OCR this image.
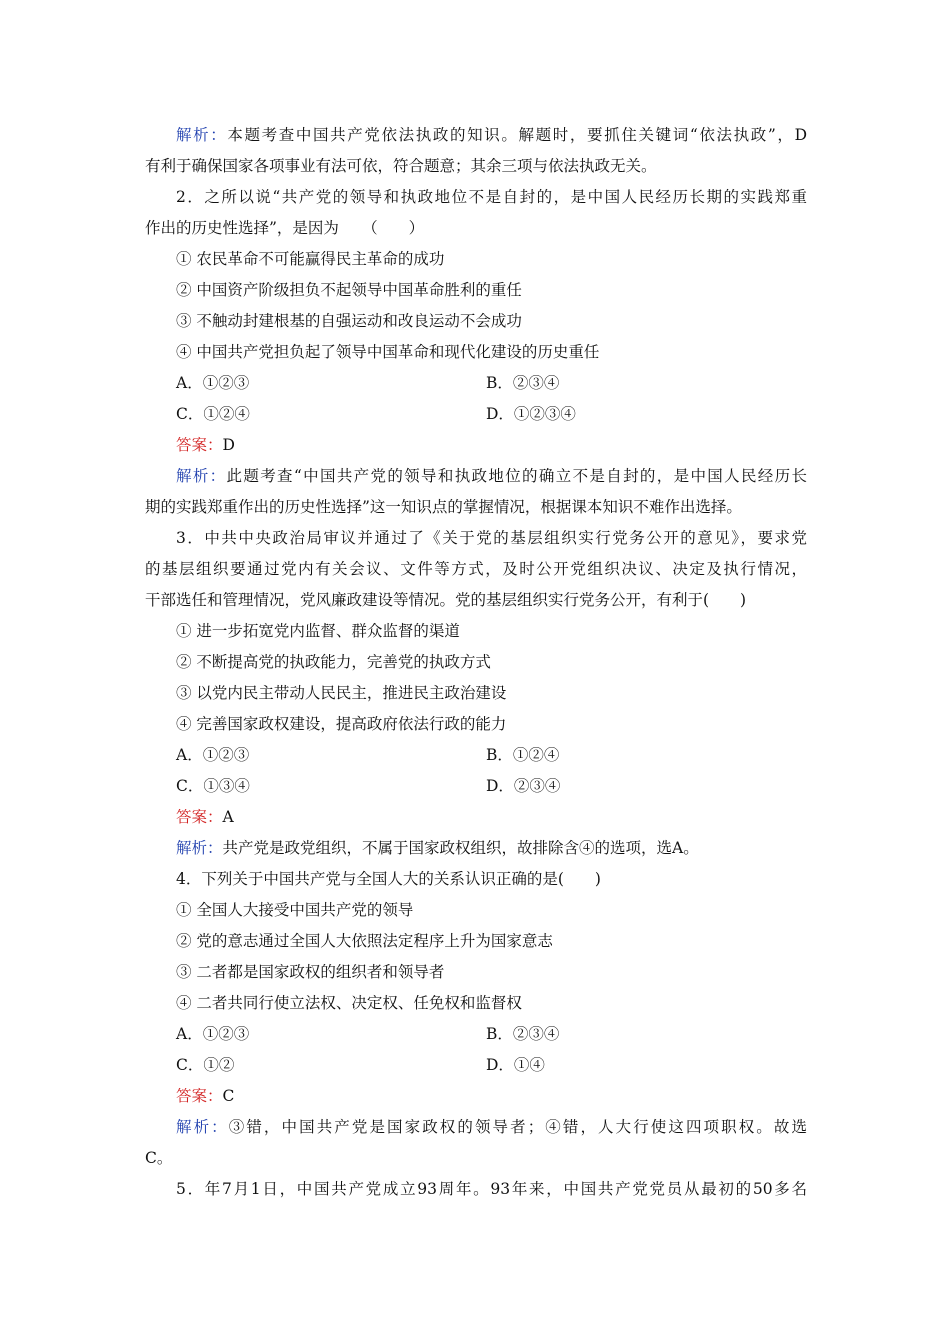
解析：本题考查中国共产党依法执政的知识。解题时，要抓住关键词“依法执政”，D
有利于确保国家各项事业有法可依，符合题意；其余三项与依法执政无关。
2．之所以说“共产党的领导和执政地位不是自封的，是中国人民经历长期的实践郑重
作出的历史性选择”，是因为　　（　　）
① 农民革命不可能赢得民主革命的成功
② 中国资产阶级担负不起领导中国革命胜利的重任
③ 不触动封建根基的自强运动和改良运动不会成功
④ 中国共产党担负起了领导中国革命和现代化建设的历史重任
A．①②③	B．②③④
C．①②④	D．①②③④
答案：D
解析：此题考查“中国共产党的领导和执政地位的确立不是自封的，是中国人民经历长
期的实践郑重作出的历史性选择”这一知识点的掌握情况，根据课本知识不难作出选择。
3．中共中央政治局审议并通过了《关于党的基层组织实行党务公开的意见》，要求党
的基层组织要通过党内有关会议、文件等方式，及时公开党组织决议、决定及执行情况，
干部选任和管理情况，党风廉政建设等情况。党的基层组织实行党务公开，有利于(　　)
① 进一步拓宽党内监督、群众监督的渠道
② 不断提高党的执政能力，完善党的执政方式
③ 以党内民主带动人民民主，推进民主政治建设
④ 完善国家政权建设，提高政府依法行政的能力
A．①②③	B．①②④
C．①③④	D．②③④
答案：A
解析：共产党是政党组织，不属于国家政权组织，故排除含④的选项，选A。
4．下列关于中国共产党与全国人大的关系认识正确的是(　　)
① 全国人大接受中国共产党的领导
② 党的意志通过全国人大依照法定程序上升为国家意志
③ 二者都是国家政权的组织者和领导者
④ 二者共同行使立法权、决定权、任免权和监督权
A．①②③	B．②③④
C．①②	D．①④
答案：C
解析：③错，中国共产党是国家政权的领导者；④错，人大行使这四项职权。故选
C。
5．年7月1日，中国共产党成立93周年。93年来，中国共产党党员从最初的50多名
